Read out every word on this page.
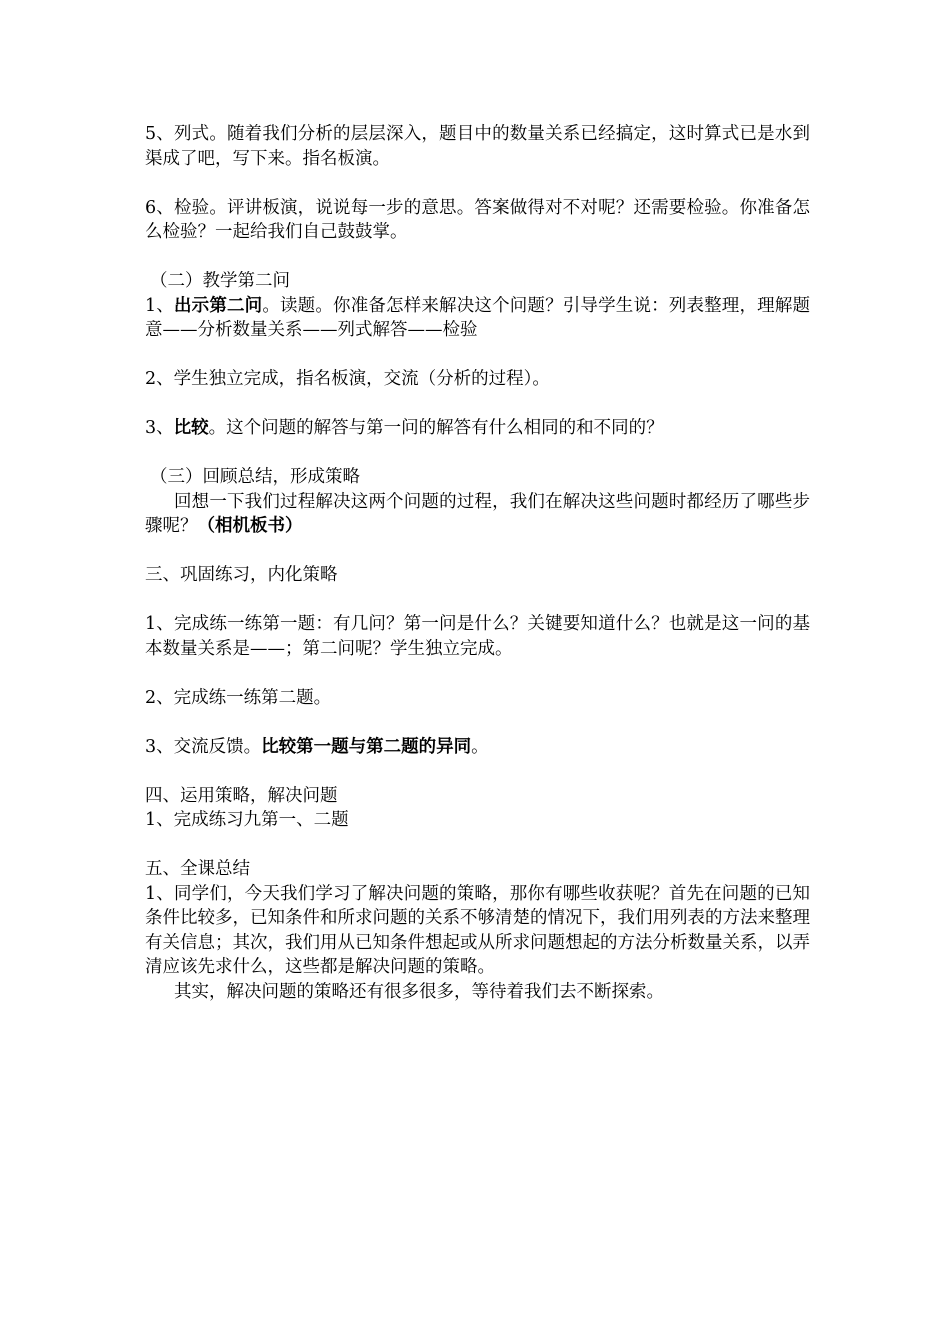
5、列式。随着我们分析的层层深入，题目中的数量关系已经搞定，这时算式已是水到渠成了吧，写下来。指名板演。

6、检验。评讲板演，说说每一步的意思。答案做得对不对呢？还需要检验。你准备怎么检验？一起给我们自己鼓鼓掌。

（二）教学第二问

1、出示第二问。读题。你准备怎样来解决这个问题？引导学生说：列表整理，理解题意——分析数量关系——列式解答——检验

2、学生独立完成，指名板演，交流（分析的过程）。

3、比较。这个问题的解答与第一问的解答有什么相同的和不同的？

（三）回顾总结，形成策略

回想一下我们过程解决这两个问题的过程，我们在解决这些问题时都经历了哪些步骤呢？（相机板书）

三、巩固练习，内化策略

1、完成练一练第一题：有几问？第一问是什么？关键要知道什么？也就是这一问的基本数量关系是——；第二问呢？学生独立完成。

2、完成练一练第二题。

3、交流反馈。比较第一题与第二题的异同。

四、运用策略，解决问题

1、完成练习九第一、二题

五、全课总结

1、同学们，今天我们学习了解决问题的策略，那你有哪些收获呢？首先在问题的已知条件比较多，已知条件和所求问题的关系不够清楚的情况下，我们用列表的方法来整理有关信息；其次，我们用从已知条件想起或从所求问题想起的方法分析数量关系，以弄清应该先求什么，这些都是解决问题的策略。

其实，解决问题的策略还有很多很多，等待着我们去不断探索。
